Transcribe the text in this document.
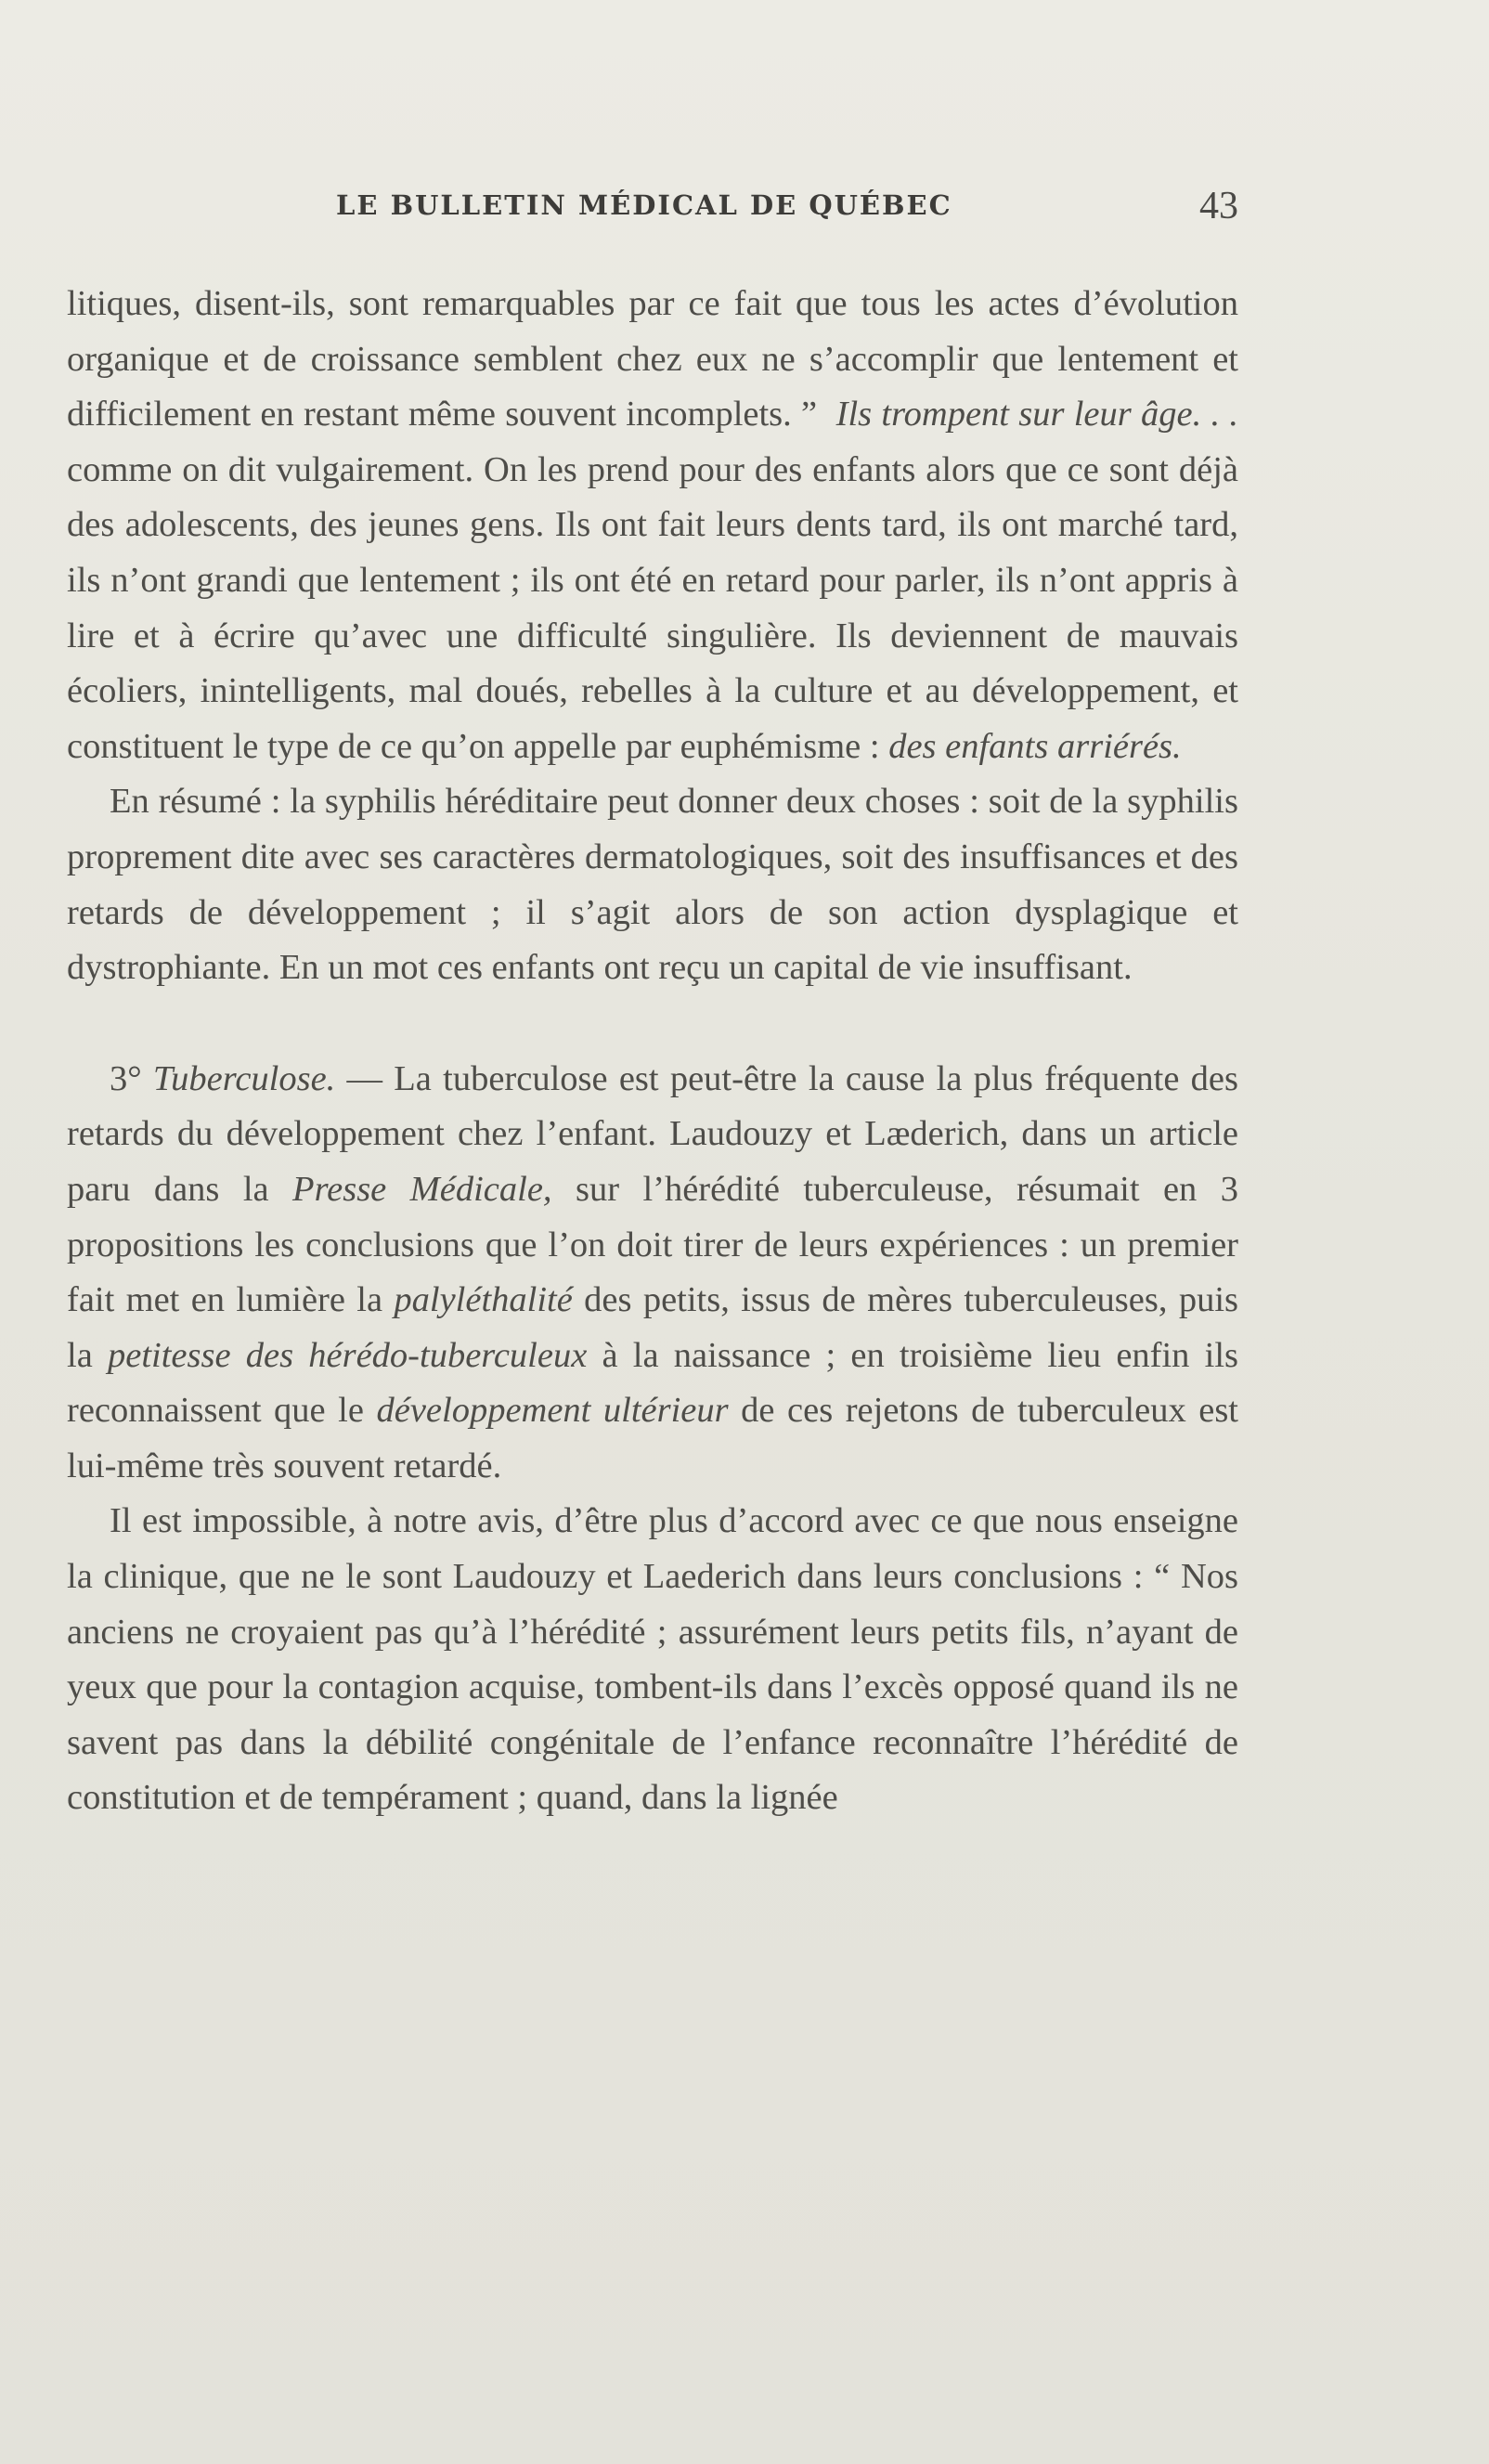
LE BULLETIN MÉDICAL DE QUÉBEC	43

litiques, disent-ils, sont remarquables par ce fait que tous les actes d’évolution organique et de croissance semblent chez eux ne s’accomplir que lentement et difficilement en restant même souvent incomplets. ” Ils trompent sur leur âge. . . comme on dit vulgairement. On les prend pour des enfants alors que ce sont déjà des adolescents, des jeunes gens. Ils ont fait leurs dents tard, ils ont marché tard, ils n’ont grandi que lentement ; ils ont été en retard pour parler, ils n’ont appris à lire et à écrire qu’avec une difficulté singulière. Ils deviennent de mauvais écoliers, inintelligents, mal doués, rebelles à la culture et au développement, et constituent le type de ce qu’on appelle par euphémisme : des enfants arriérés.

En résumé : la syphilis héréditaire peut donner deux choses : soit de la syphilis proprement dite avec ses caractères dermatologiques, soit des insuffisances et des retards de développement ; il s’agit alors de son action dysplagique et dystrophiante. En un mot ces enfants ont reçu un capital de vie insuffisant.

3° Tuberculose. — La tuberculose est peut-être la cause la plus fréquente des retards du développement chez l’enfant. Laudouzy et Læderich, dans un article paru dans la Presse Médicale, sur l’hérédité tuberculeuse, résumait en 3 propositions les conclusions que l’on doit tirer de leurs expériences : un premier fait met en lumière la palyléthalité des petits, issus de mères tuberculeuses, puis la petitesse des hérédo-tuberculeux à la naissance ; en troisième lieu enfin ils reconnaissent que le développement ultérieur de ces rejetons de tuberculeux est lui-même très souvent retardé.

Il est impossible, à notre avis, d’être plus d’accord avec ce que nous enseigne la clinique, que ne le sont Laudouzy et Laederich dans leurs conclusions : “ Nos anciens ne croyaient pas qu’à l’hérédité ; assurément leurs petits fils, n’ayant de yeux que pour la contagion acquise, tombent-ils dans l’excès opposé quand ils ne savent pas dans la débilité congénitale de l’enfance reconnaître l’hérédité de constitution et de tempérament ; quand, dans la lignée
